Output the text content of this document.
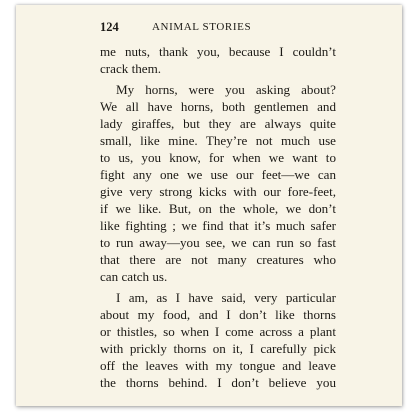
124	ANIMAL STORIES
me nuts, thank you, because I couldn’t
crack them.
My horns, were you asking about?
We all have horns, both gentlemen and
lady giraffes, but they are always quite
small, like mine. They’re not much use
to us, you know, for when we want to
fight any one we use our feet—we can
give very strong kicks with our fore-feet,
if we like. But, on the whole, we don’t
like fighting ; we find that it’s much safer
to run away—you see, we can run so fast
that there are not many creatures who
can catch us.
I am, as I have said, very particular
about my food, and I don’t like thorns
or thistles, so when I come across a plant
with prickly thorns on it, I carefully pick
off the leaves with my tongue and leave
the thorns behind. I don’t believe you
